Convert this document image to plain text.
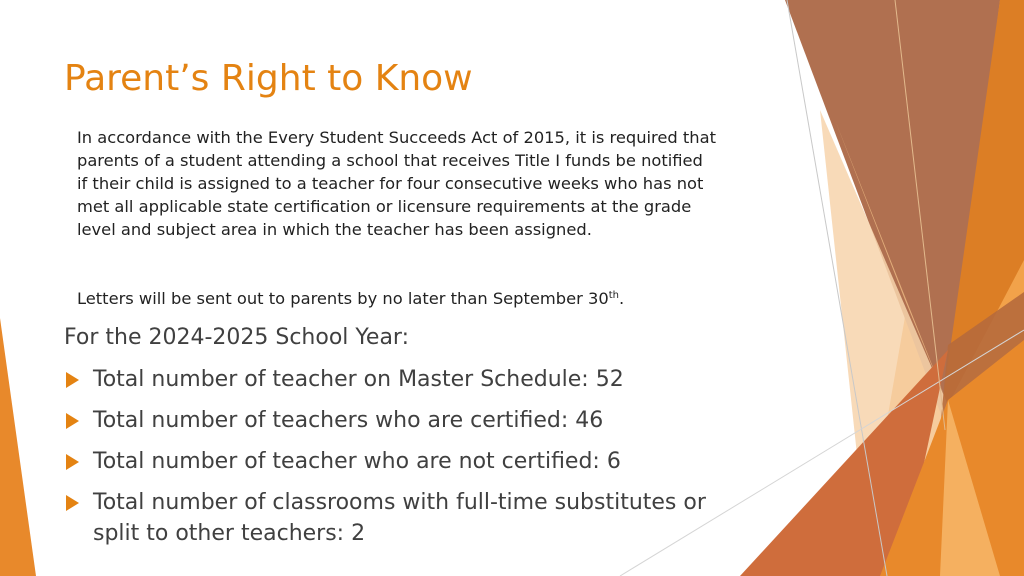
Parent’s Right to Know

In accordance with the Every Student Succeeds Act of 2015, it is required that parents of a student attending a school that receives Title I funds be notified if their child is assigned to a teacher for four consecutive weeks who has not met all applicable state certification or licensure requirements at the grade level and subject area in which the teacher has been assigned.

Letters will be sent out to parents by no later than September 30th.

For the 2024-2025 School Year:

Total number of teacher on Master Schedule: 52
Total number of teachers who are certified: 46
Total number of teacher who are not certified: 6
Total number of classrooms with full-time substitutes or split to other teachers: 2
